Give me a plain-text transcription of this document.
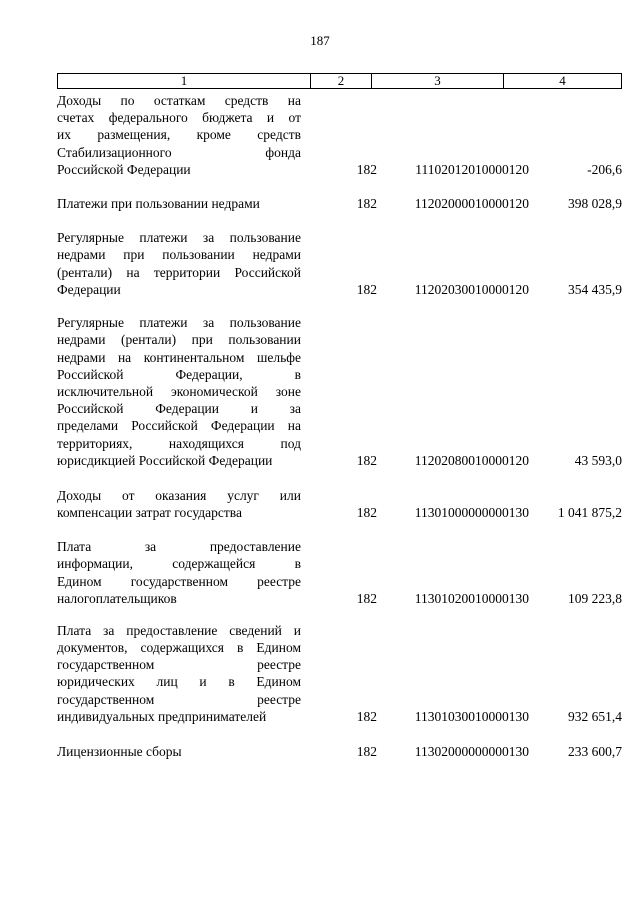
187
1	2	3	4
Доходы по остаткам средств на
счетах федерального бюджета и от
их размещения, кроме средств
Стабилизационного	фонда
Российской Федерации	182	11102012010000120	-206,6
Платежи при пользовании недрами	182	11202000010000120	398 028,9
Регулярные платежи за пользование
недрами при пользовании недрами
(рентали) на территории Российской
Федерации	182	11202030010000120	354 435,9
Регулярные платежи за пользование
недрами (рентали) при пользовании
недрами на континентальном шельфе
Российской	Федерации,	в
исключительной экономической зоне
Российской Федерации и за
пределами Российской Федерации на
территориях,	находящихся	под
юрисдикцией Российской Федерации	182	11202080010000120	43 593,0
Доходы от оказания услуг или
компенсации затрат государства	182	11301000000000130	1 041 875,2
Плата	за	предоставление
информации,	содержащейся	в
Едином государственном реестре
налогоплательщиков	182	11301020010000130	109 223,8
Плата за предоставление сведений и
документов, содержащихся в Едином
государственном	реестре
юридических лиц и в Едином
государственном	реестре
индивидуальных предпринимателей	182	11301030010000130	932 651,4
Лицензионные сборы	182	11302000000000130	233 600,7
